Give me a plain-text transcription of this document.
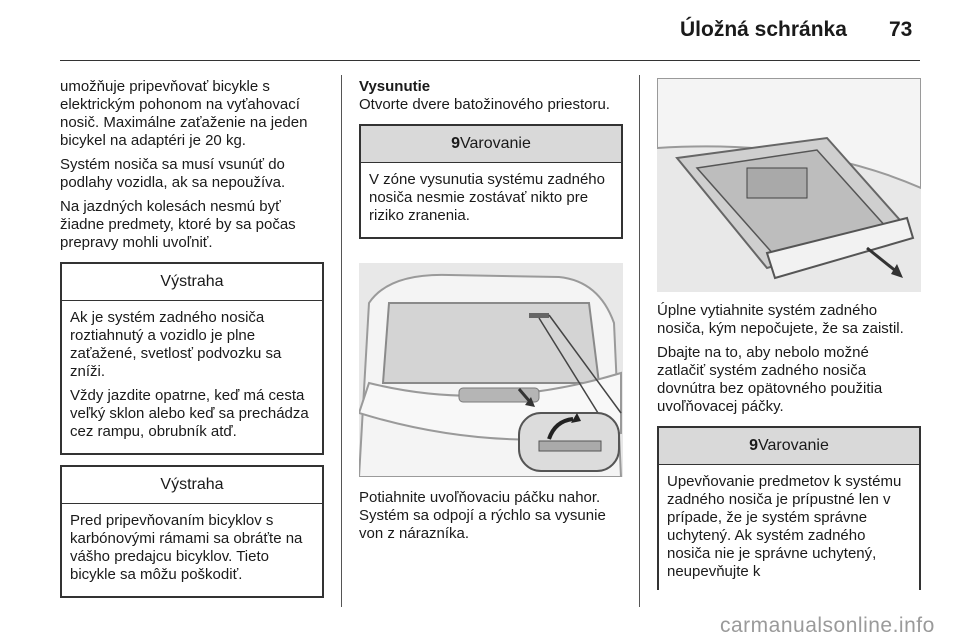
Úložná schránka 73

umožňuje pripevňovať bicykle s elektrickým pohonom na vyťahovací nosič. Maximálne zaťaženie na jeden bicykel na adaptéri je 20 kg.

Systém nosiča sa musí vsunúť do podlahy vozidla, ak sa nepoužíva.

Na jazdných kolesách nesmú byť žiadne predmety, ktoré by sa počas prepravy mohli uvoľniť.

Výstraha

Ak je systém zadného nosiča roztiahnutý a vozidlo je plne zaťažené, svetlosť podvozku sa zníži.

Vždy jazdite opatrne, keď má cesta veľký sklon alebo keď sa prechádza cez rampu, obrubník atď.

Výstraha

Pred pripevňovaním bicyklov s karbónovými rámami sa obráťte na vášho predajcu bicyklov. Tieto bicykle sa môžu poškodiť.

Vysunutie

Otvorte dvere batožinového priestoru.

9Varovanie

V zóne vysunutia systému zadného nosiča nesmie zostávať nikto pre riziko zranenia.

Potiahnite uvoľňovaciu páčku nahor. Systém sa odpojí a rýchlo sa vysunie von z nárazníka.

Úplne vytiahnite systém zadného nosiča, kým nepočujete, že sa zaistil.

Dbajte na to, aby nebolo možné zatlačiť systém zadného nosiča dovnútra bez opätovného použitia uvoľňovacej páčky.

9Varovanie

Upevňovanie predmetov k systému zadného nosiča je prípustné len v prípade, že je systém správne uchytený. Ak systém zadného nosiča nie je správne uchytený, neupevňujte k

carmanualsonline.info
